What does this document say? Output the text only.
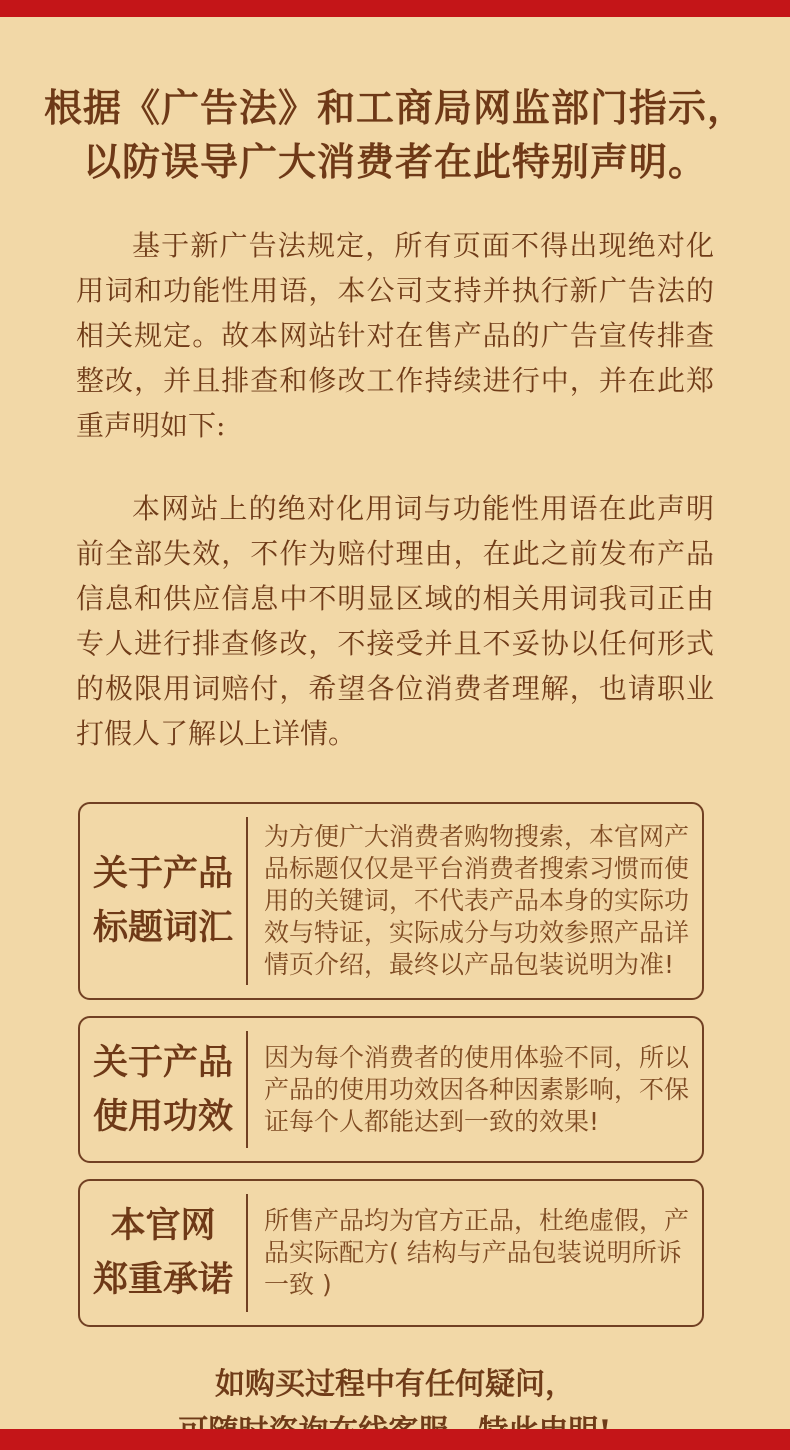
根据《广告法》和工商局网监部门指示，
以防误导广大消费者在此特别声明。

基于新广告法规定，所有页面不得出现绝对化用词和功能性用语，本公司支持并执行新广告法的相关规定。故本网站针对在售产品的广告宣传排查整改，并且排查和修改工作持续进行中，并在此郑重声明如下:

本网站上的绝对化用词与功能性用语在此声明前全部失效，不作为赔付理由，在此之前发布产品信息和供应信息中不明显区域的相关用词我司正由专人进行排查修改，不接受并且不妥协以任何形式的极限用词赔付，希望各位消费者理解，也请职业打假人了解以上详情。

关于产品
标题词汇
为方便广大消费者购物搜索，本官网产品标题仅仅是平台消费者搜索习惯而使用的关键词，不代表产品本身的实际功效与特证，实际成分与功效参照产品详情页介绍，最终以产品包装说明为准!
关于产品
使用功效
因为每个消费者的使用体验不同，所以产品的使用功效因各种因素影响，不保证每个人都能达到一致的效果!
本官网
郑重承诺
所售产品均为官方正品，杜绝虚假，产品实际配方( 结构与产品包装说明所诉一致 )
如购买过程中有任何疑问，
